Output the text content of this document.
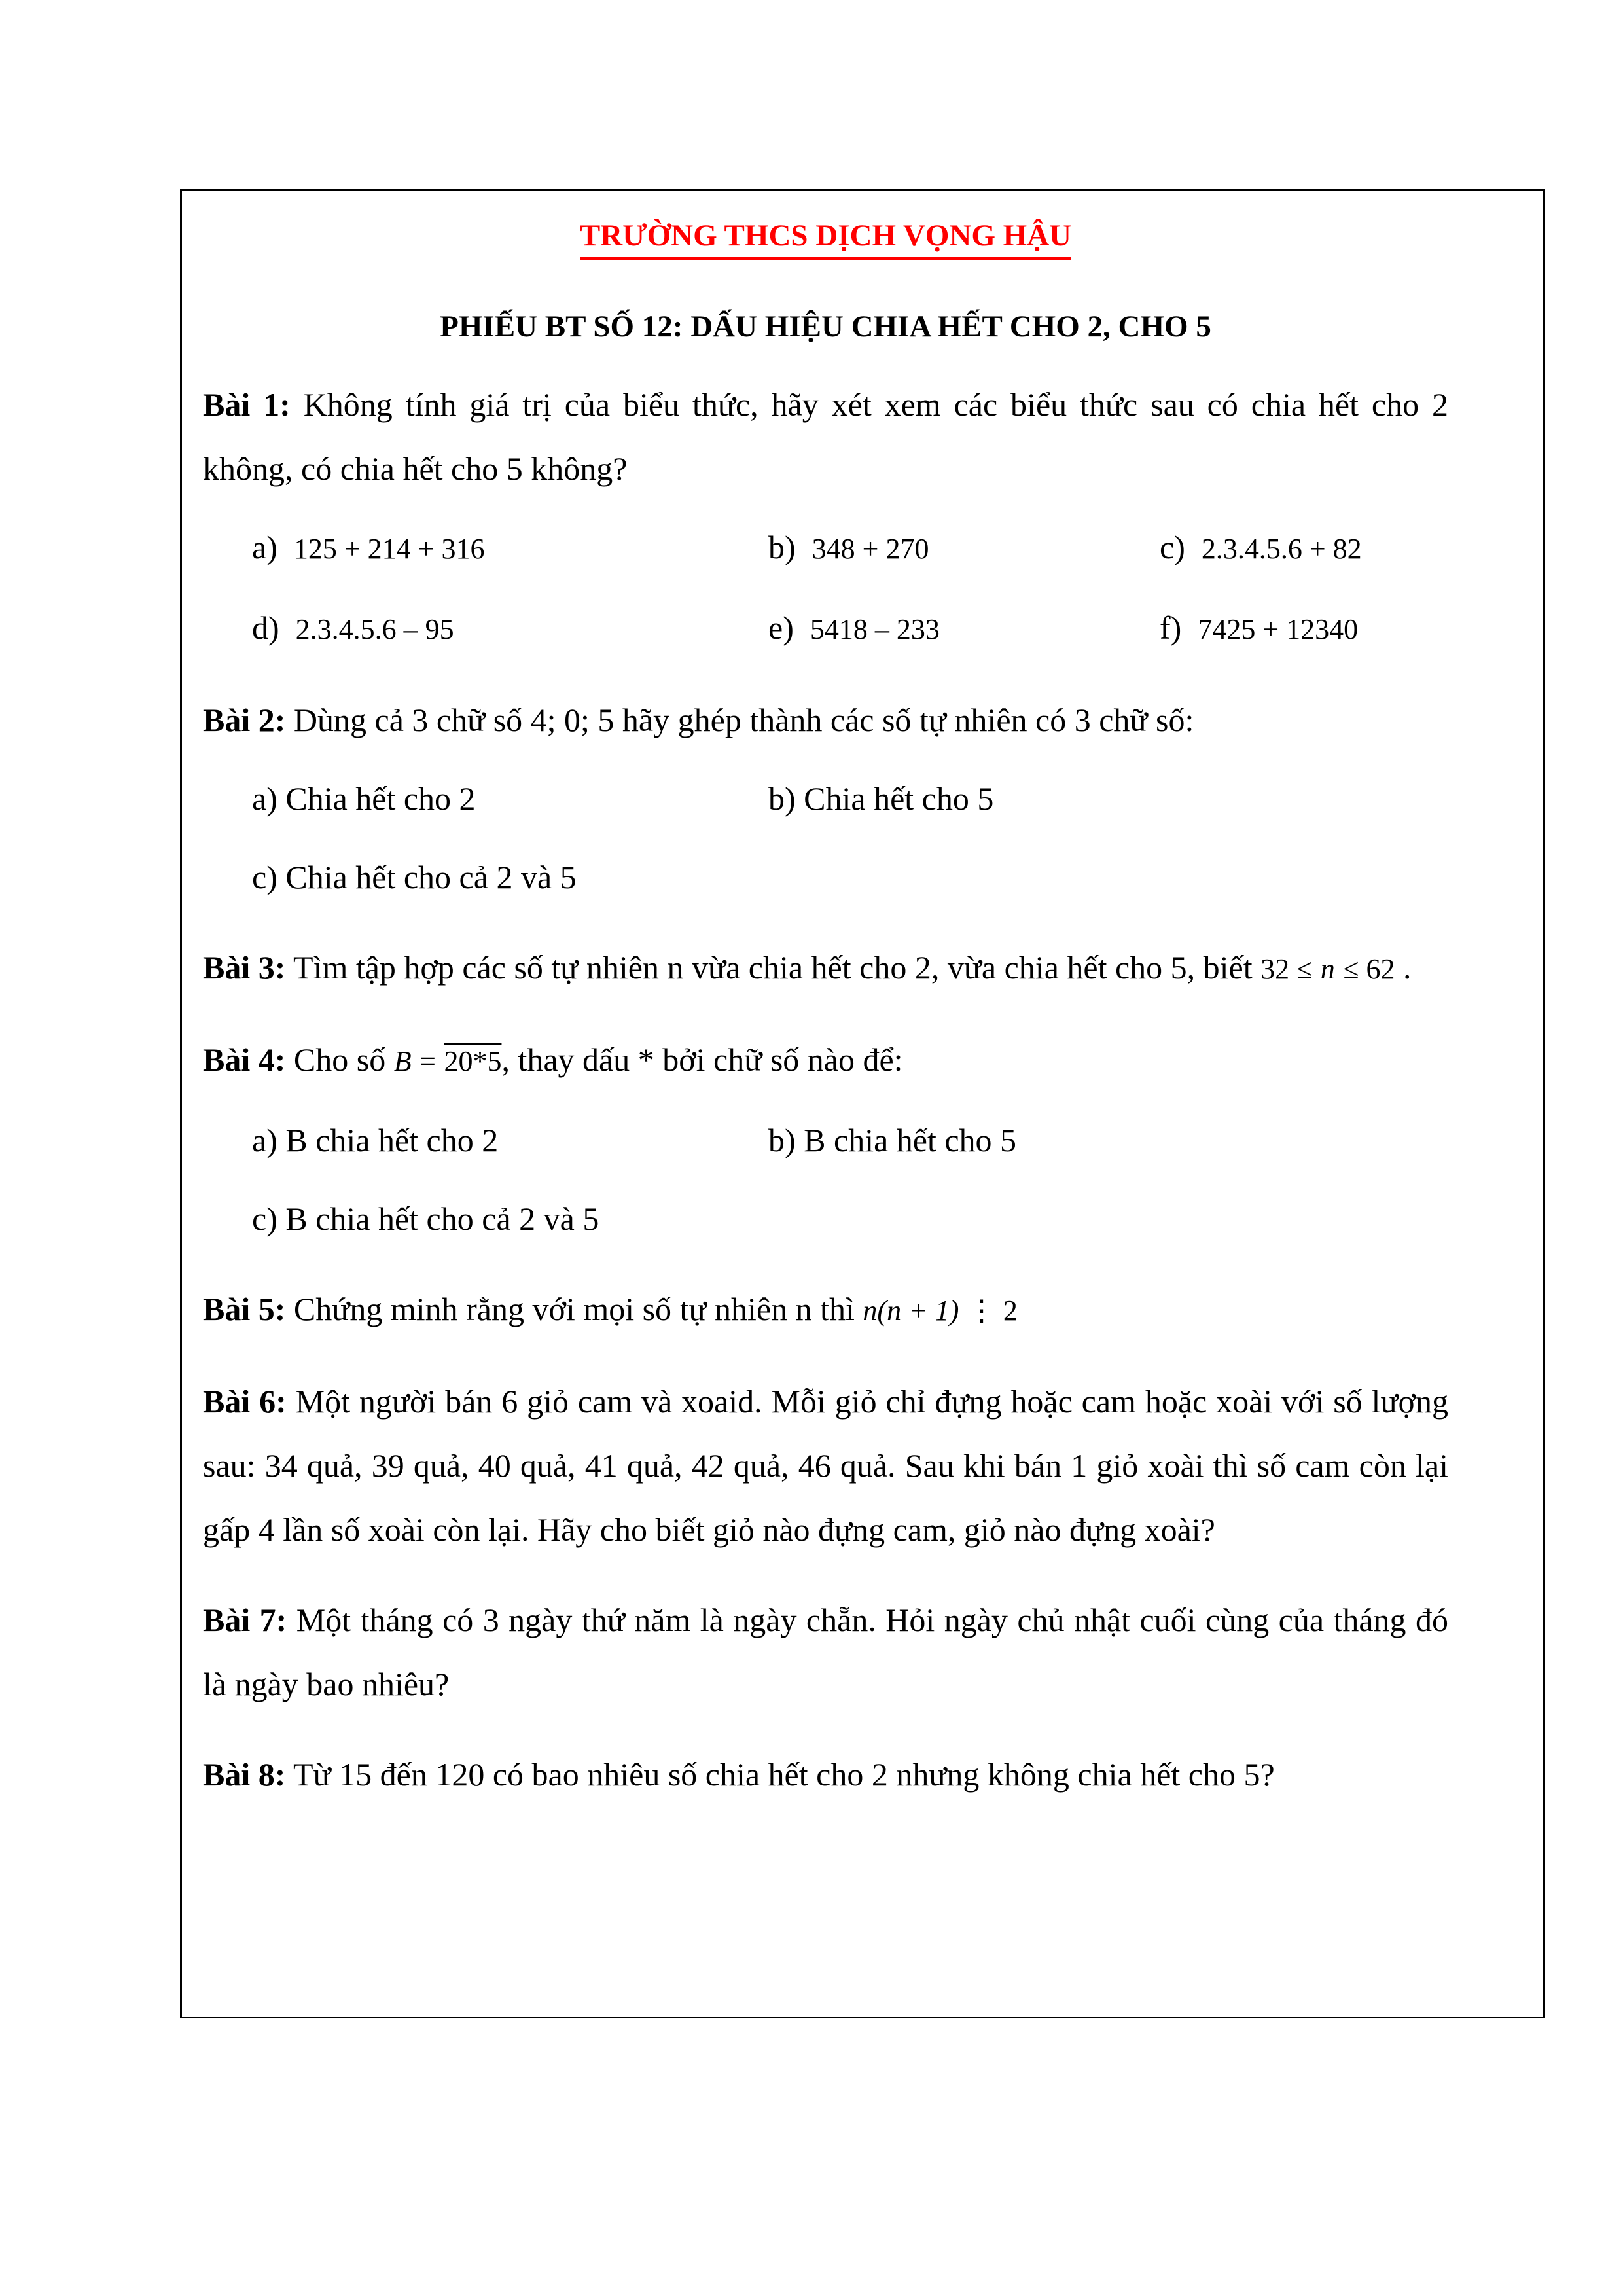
TRƯỜNG THCS DỊCH VỌNG HẬU
PHIẾU BT SỐ 12: DẤU HIỆU CHIA HẾT CHO 2, CHO 5

Bài 1: Không tính giá trị của biểu thức, hãy xét xem các biểu thức sau có chia hết cho 2 không, có chia hết cho 5 không?

a) 125 + 214 + 316	b) 348 + 270	c) 2.3.4.5.6 + 82
d) 2.3.4.5.6 – 95	e) 5418 – 233	f) 7425 + 12340

Bài 2: Dùng cả 3 chữ số 4; 0; 5 hãy ghép thành các số tự nhiên có 3 chữ số:

a) Chia hết cho 2	b) Chia hết cho 5
c) Chia hết cho cả 2 và 5

Bài 3: Tìm tập hợp các số tự nhiên n vừa chia hết cho 2, vừa chia hết cho 5, biết 32 ≤ n ≤ 62 .

Bài 4: Cho số B = 20*5, thay dấu * bởi chữ số nào để:

a) B chia hết cho 2	b) B chia hết cho 5
c) B chia hết cho cả 2 và 5

Bài 5: Chứng minh rằng với mọi số tự nhiên n thì n(n + 1) ⋮ 2

Bài 6: Một người bán 6 giỏ cam và xoaid. Mỗi giỏ chỉ đựng hoặc cam hoặc xoài với số lượng sau: 34 quả, 39 quả, 40 quả, 41 quả, 42 quả, 46 quả. Sau khi bán 1 giỏ xoài thì số cam còn lại gấp 4 lần số xoài còn lại. Hãy cho biết giỏ nào đựng cam, giỏ nào đựng xoài?

Bài 7: Một tháng có 3 ngày thứ năm là ngày chẵn. Hỏi ngày chủ nhật cuối cùng của tháng đó là ngày bao nhiêu?

Bài 8: Từ 15 đến 120 có bao nhiêu số chia hết cho 2 nhưng không chia hết cho 5?
